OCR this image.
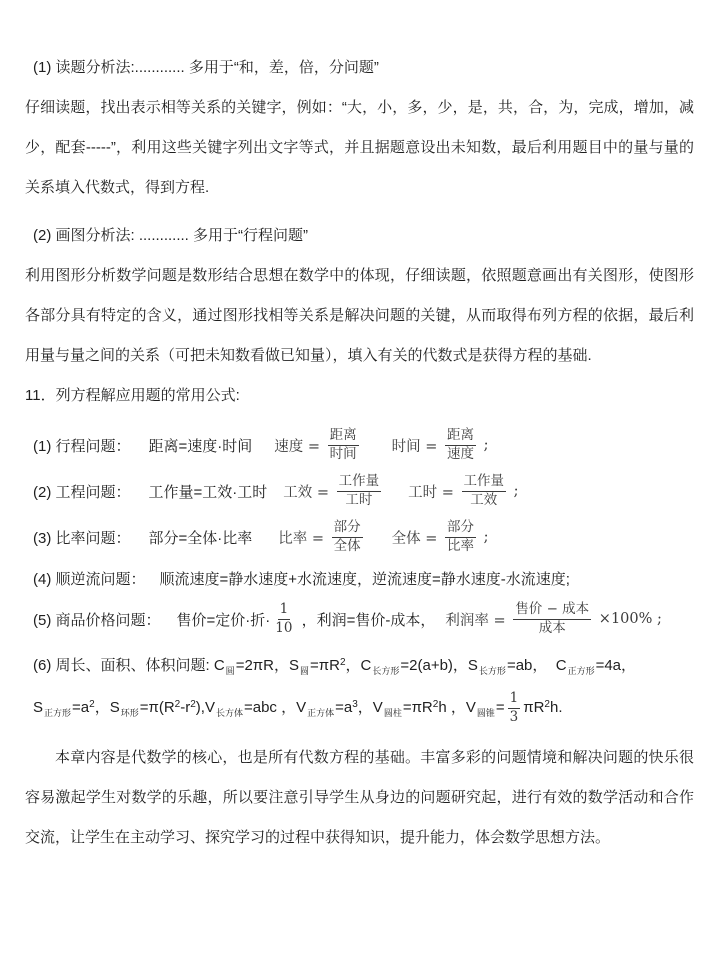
(1) 读题分析法:............ 多用于“和，差，倍，分问题”
仔细读题，找出表示相等关系的关键字，例如：“大，小，多，少，是，共，合，为，完成，增加，减少，配套-----”，利用这些关键字列出文字等式，并且据题意设出未知数，最后利用题目中的量与量的关系填入代数式，得到方程.
(2) 画图分析法: ............ 多用于“行程问题”
利用图形分析数学问题是数形结合思想在数学中的体现，仔细读题，依照题意画出有关图形，使图形各部分具有特定的含义，通过图形找相等关系是解决问题的关键，从而取得布列方程的依据，最后利用量与量之间的关系（可把未知数看做已知量），填入有关的代数式是获得方程的基础.
11．列方程解应用题的常用公式:
(1) 行程问题： 距离=速度·时间 速度 = $\frac{\text{距离}}{\text{时间}}$ 时间 = $\frac{\text{距离}}{\text{速度}}$ ;
(2) 工程问题： 工作量=工效·工时 工效 = $\frac{\text{工作量}}{\text{工时}}$ 工时 = $\frac{\text{工作量}}{\text{工效}}$ ;
(3) 比率问题： 部分=全体·比率 比率 = $\frac{\text{部分}}{\text{全体}}$ 全体 = $\frac{\text{部分}}{\text{比率}}$ ;
(4) 顺逆流问题： 顺流速度=静水速度+水流速度，逆流速度=静水速度-水流速度;
(5) 商品价格问题： 售价=定价·折· $\frac{1}{10}$ ，利润=售价-成本， 利润率 = $\frac{\text{售价 − 成本}}{\text{成本}} \times 100\%$ ;
(6) 周长、面积、体积问题: $C_圆=2\pi R$，$S_圆=\pi R^2$，$C_{长方形}=2(a+b)$，$S_{长方形}=ab$，  $C_{正方形}=4a$，
$S_{正方形}=a^2$，$S_{环形}=\pi(R^2-r^2),V_{长方体}=abc$ ，$V_{正方体}=a^3$，$V_{圆柱}=\pi R^2h$ ，$V_{圆锥}= \frac{1}{3} \pi R^2h$.
本章内容是代数学的核心，也是所有代数方程的基础。丰富多彩的问题情境和解决问题的快乐很容易激起学生对数学的乐趣，所以要注意引导学生从身边的问题研究起，进行有效的数学活动和合作交流，让学生在主动学习、探究学习的过程中获得知识，提升能力，体会数学思想方法。
